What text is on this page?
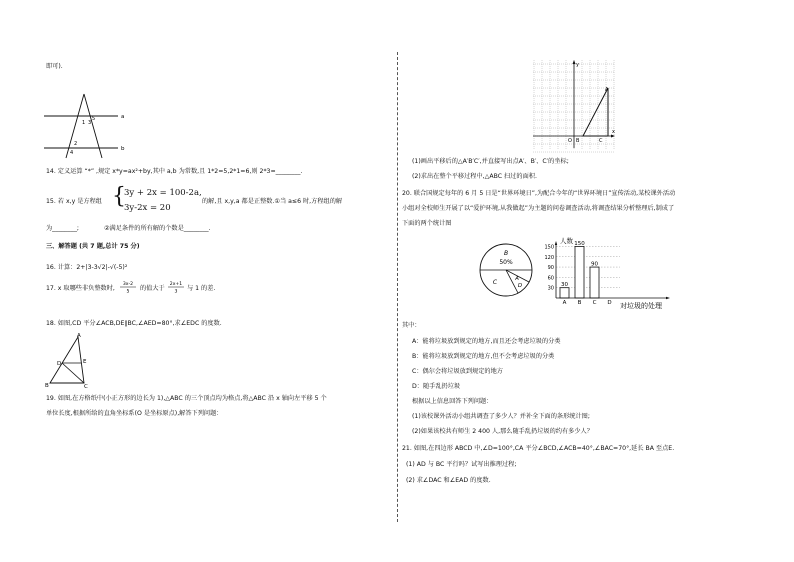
即可).
a
b
1 3
5
2
4
14. 定义运算 “*” ,规定 x*y=ax²+by,其中 a,b 为常数,且 1*2=5,2*1=6,则 2*3=________.
15. 若 x,y 是方程组 {
3y + 2x = 100-2a,
3y-2x = 20
的解,且 x,y,a 都是正整数.①当 a≤6 时,方程组的解
为________;	②满足条件的所有解的个数是________.
三、解答题 (共 7 题,总计 75 分)
16. 计算：2+|3-3√2|-√(-5)²
17. x 取哪些非负整数时,
3x-2
5 的值大于
2x+1
3 与 1 的差.
18. 如图,CD 平分∠ACB,DE∥BC,∠AED=80°,求∠EDC 的度数.
A
D	E
B	C
19. 如图,在方格纸中(小正方形的边长为 1),△ABC 的三个顶点均为格点,将△ABC 沿 x 轴向左平移 5 个
单位长度,根据所给的直角坐标系(O 是坐标原点),解答下列问题：
y
x
O
A
B	C
(1)画出平移后的△A′B′C′,并直接写出点A′、B′、C′的坐标;
(2)求出在整个平移过程中,△ABC 扫过的面积.
20. 联合国规定每年的 6 月 5 日是“世界环境日”,为配合今年的“世界环境日”宣传活动,某校课外活动
小组对全校师生开展了以“爱护环境,从我做起”为主题的问卷调查活动,将调查结果分析整理后,制成了
下面的两个统计图
B
50%
C	A
D
人数
对垃圾的处理
30
60
90
120
150
A B C D
30
150
90
其中：
A：能将垃圾放到规定的地方,而且还会考虑垃圾的分类
B：能将垃圾放到规定的地方,但不会考虑垃圾的分类
C：偶尔会将垃圾放到规定的地方
D：随手乱扔垃圾
根据以上信息回答下列问题：
(1)该校课外活动小组共调查了多少人？并补全下面的条形统计图;
(2)如果该校共有师生 2 400 人,那么随手乱扔垃圾的约有多少人？
21. 如图,在四边形 ABCD 中,∠D=100°,CA 平分∠BCD,∠ACB=40°,∠BAC=70°,延长 BA 至点E.
(1) AD 与 BC 平行吗？试写出推理过程;
(2) 求∠DAC 和∠EAD 的度数.
